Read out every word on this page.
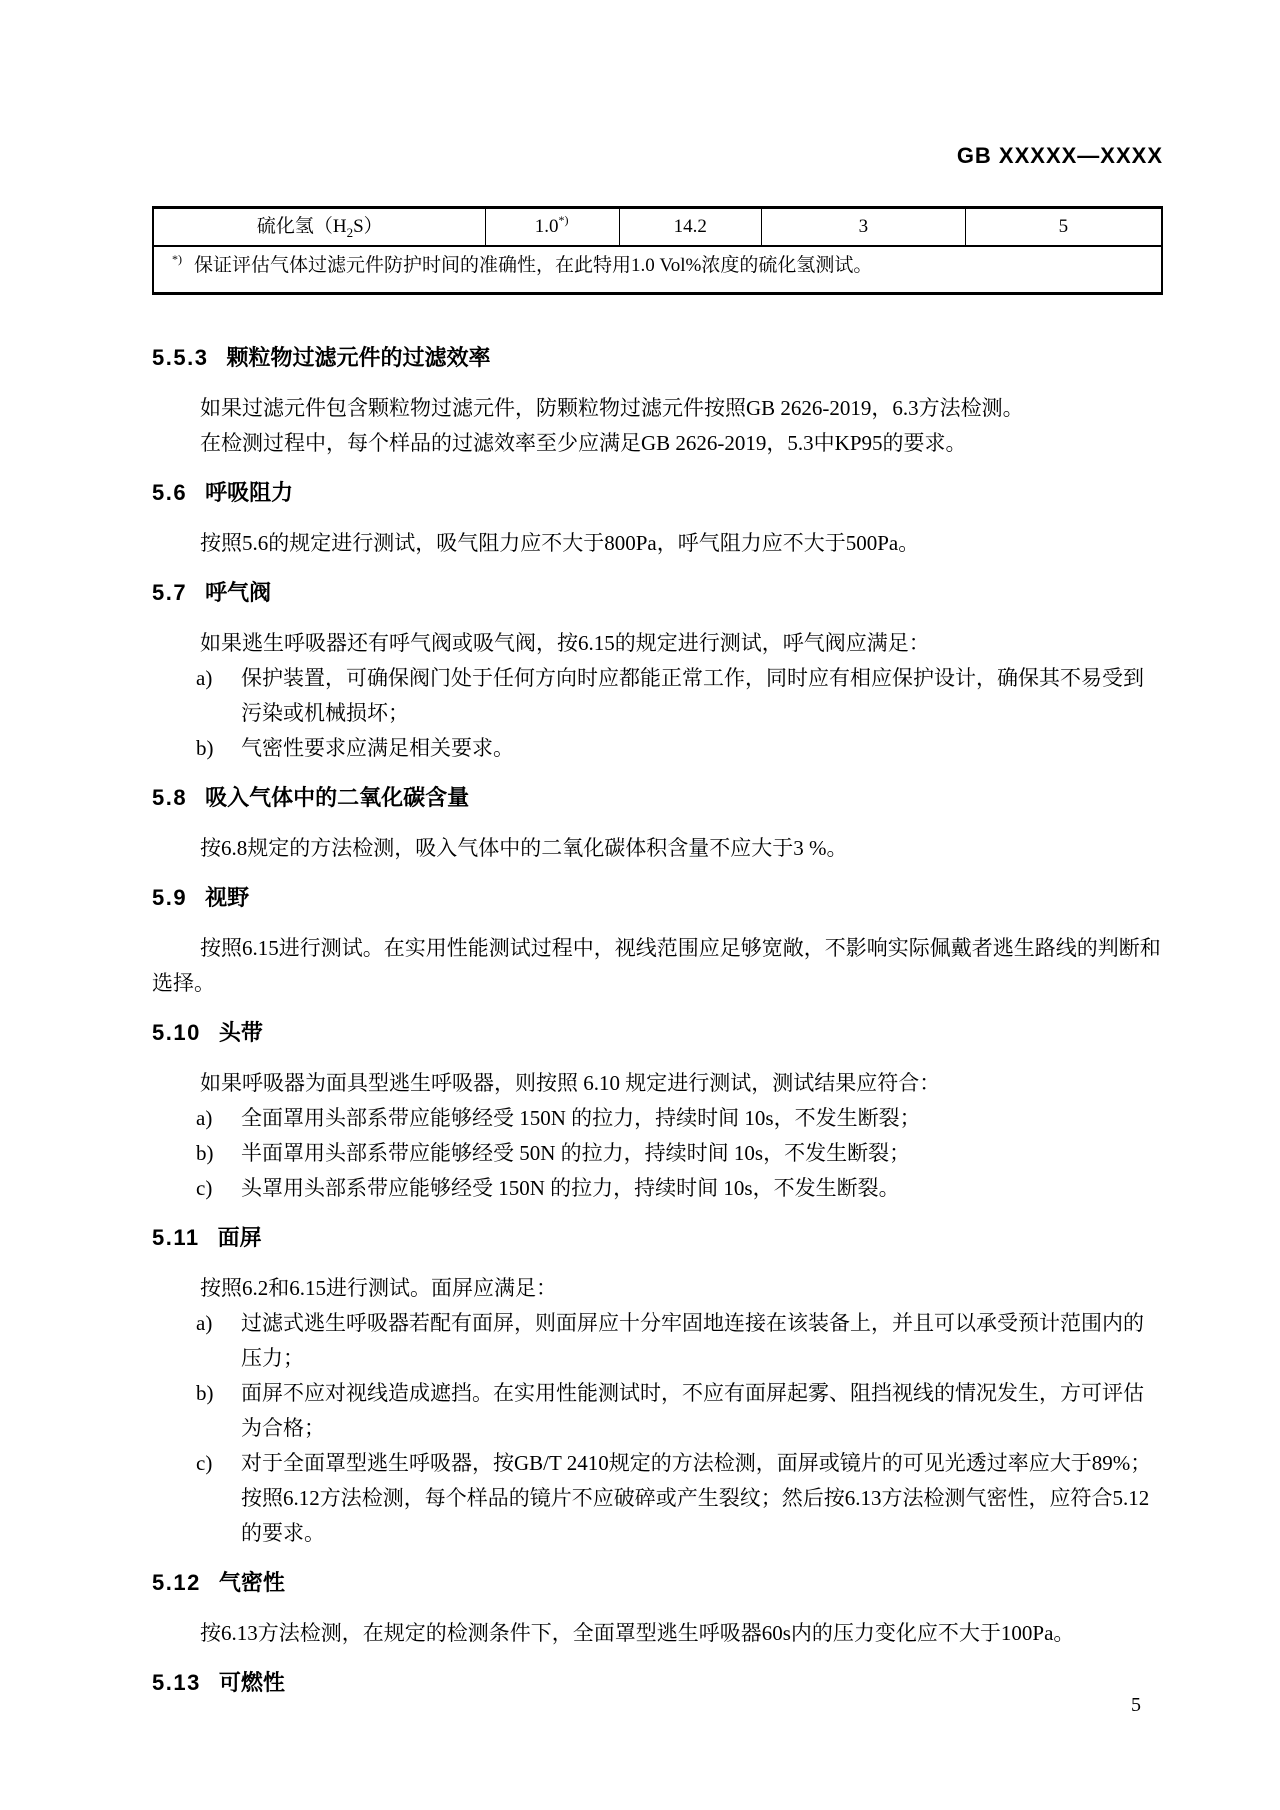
GB XXXXX—XXXX
硫化氢$(H_2S)$	1.0*)	14.2	3	5
*) 保证评估气体过滤元件防护时间的准确性，在此特用1.0 Vol%浓度的硫化氢测试。
5.5.3 颗粒物过滤元件的过滤效率

如果过滤元件包含颗粒物过滤元件，防颗粒物过滤元件按照GB 2626-2019，6.3方法检测。

在检测过程中，每个样品的过滤效率至少应满足GB 2626-2019，5.3中KP95的要求。

5.6 呼吸阻力

按照5.6的规定进行测试，吸气阻力应不大于800Pa，呼气阻力应不大于500Pa。

5.7 呼气阀

如果逃生呼吸器还有呼气阀或吸气阀，按6.15的规定进行测试，呼气阀应满足：

a)	保护装置，可确保阀门处于任何方向时应都能正常工作，同时应有相应保护设计，确保其不易受到污染或机械损坏；
b)	气密性要求应满足相关要求。
5.8 吸入气体中的二氧化碳含量

按6.8规定的方法检测，吸入气体中的二氧化碳体积含量不应大于3 %。

5.9 视野

按照6.15进行测试。在实用性能测试过程中，视线范围应足够宽敞，不影响实际佩戴者逃生路线的判断和选择。

5.10 头带

如果呼吸器为面具型逃生呼吸器，则按照 6.10 规定进行测试，测试结果应符合：

a)	全面罩用头部系带应能够经受 150N 的拉力，持续时间 10s，不发生断裂；
b)	半面罩用头部系带应能够经受 50N 的拉力，持续时间 10s，不发生断裂；
c)	头罩用头部系带应能够经受 150N 的拉力，持续时间 10s，不发生断裂。
5.11 面屏

按照6.2和6.15进行测试。面屏应满足：

a)	过滤式逃生呼吸器若配有面屏，则面屏应十分牢固地连接在该装备上，并且可以承受预计范围内的压力；
b)	面屏不应对视线造成遮挡。在实用性能测试时，不应有面屏起雾、阻挡视线的情况发生，方可评估为合格；
c)	对于全面罩型逃生呼吸器，按GB/T 2410规定的方法检测，面屏或镜片的可见光透过率应大于89%；按照6.12方法检测，每个样品的镜片不应破碎或产生裂纹；然后按6.13方法检测气密性，应符合5.12的要求。
5.12 气密性

按6.13方法检测，在规定的检测条件下，全面罩型逃生呼吸器60s内的压力变化应不大于100Pa。

5.13 可燃性
5
